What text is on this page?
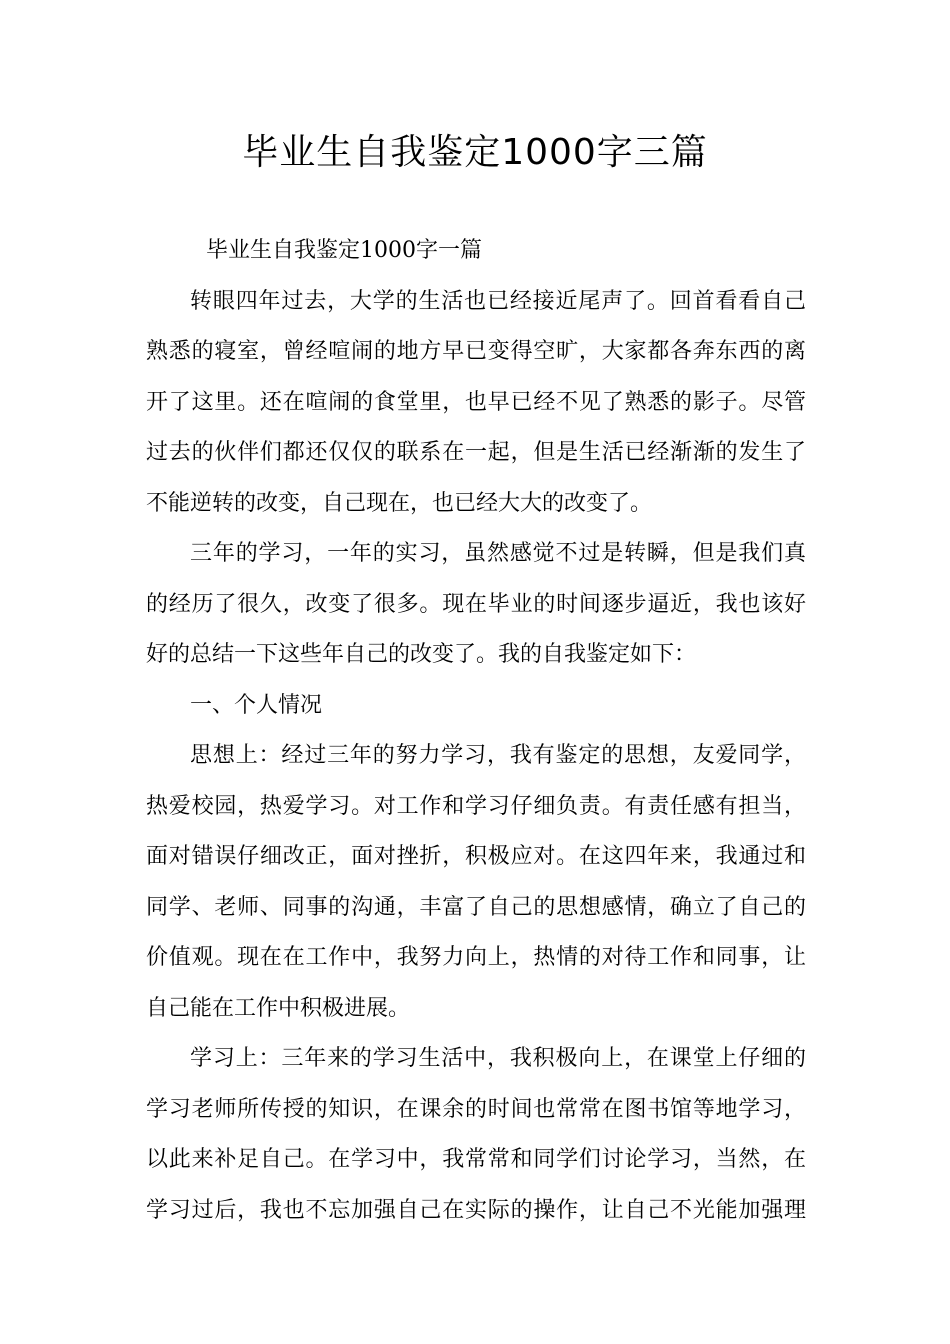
毕业生自我鉴定1000字三篇
毕业生自我鉴定1000字一篇
转眼四年过去，大学的生活也已经接近尾声了。回首看看自己
熟悉的寝室，曾经喧闹的地方早已变得空旷，大家都各奔东西的离
开了这里。还在喧闹的食堂里，也早已经不见了熟悉的影子。尽管
过去的伙伴们都还仅仅的联系在一起，但是生活已经渐渐的发生了
不能逆转的改变，自己现在，也已经大大的改变了。
三年的学习，一年的实习，虽然感觉不过是转瞬，但是我们真
的经历了很久，改变了很多。现在毕业的时间逐步逼近，我也该好
好的总结一下这些年自己的改变了。我的自我鉴定如下：
一、个人情况
思想上：经过三年的努力学习，我有鉴定的思想，友爱同学，
热爱校园，热爱学习。对工作和学习仔细负责。有责任感有担当，
面对错误仔细改正，面对挫折，积极应对。在这四年来，我通过和
同学、老师、同事的沟通，丰富了自己的思想感情，确立了自己的
价值观。现在在工作中，我努力向上，热情的对待工作和同事，让
自己能在工作中积极进展。
学习上：三年来的学习生活中，我积极向上，在课堂上仔细的
学习老师所传授的知识，在课余的时间也常常在图书馆等地学习，
以此来补足自己。在学习中，我常常和同学们讨论学习，当然，在
学习过后，我也不忘加强自己在实际的操作，让自己不光能加强理
